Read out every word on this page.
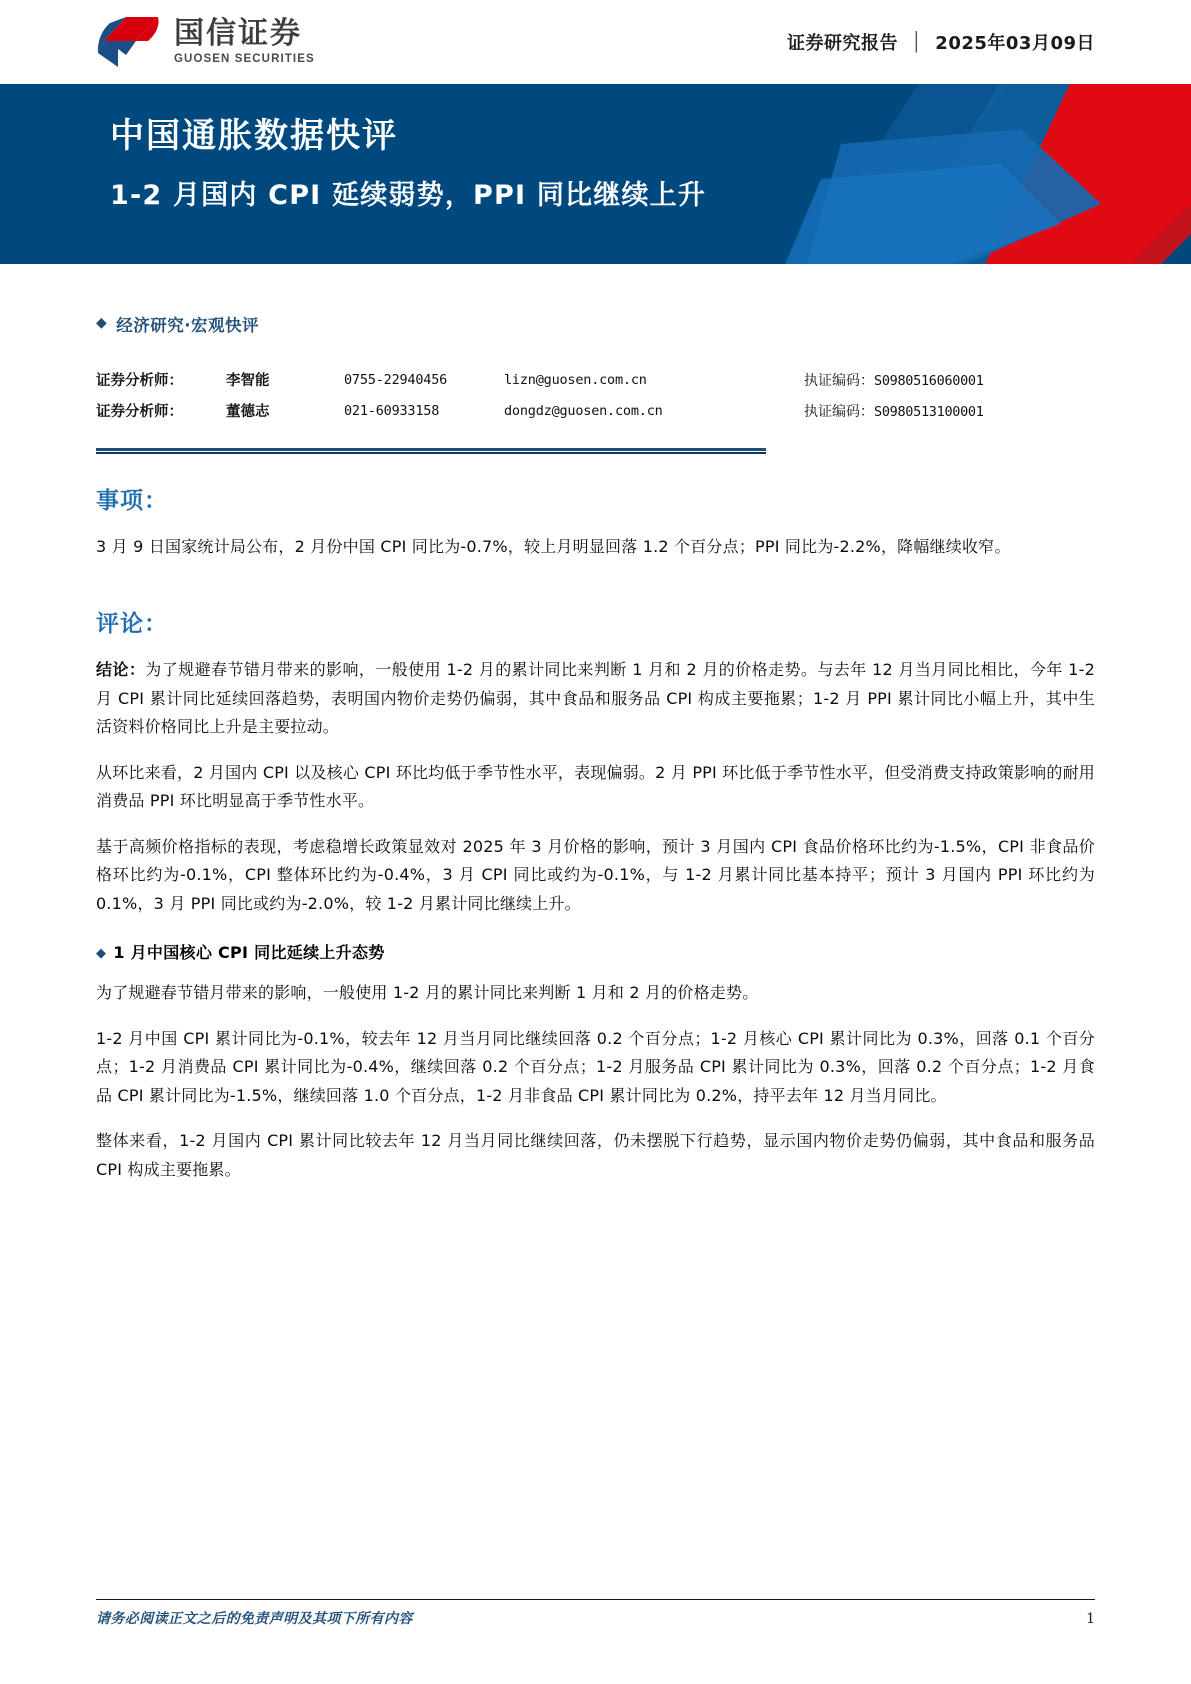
国信证券
GUOSEN SECURITIES
证券研究报告 │ 2025年03月09日
中国通胀数据快评
1-2 月国内 CPI 延续弱势，PPI 同比继续上升
◆ 经济研究·宏观快评
证券分析师：	李智能	0755-22940456	lizn@guosen.com.cn	执证编码：S0980516060001
证券分析师：	董德志	021-60933158	dongdz@guosen.com.cn	执证编码：S0980513100001
事项：

3 月 9 日国家统计局公布，2 月份中国 CPI 同比为-0.7%，较上月明显回落 1.2 个百分点；PPI 同比为-2.2%，降幅继续收窄。

评论：

结论：为了规避春节错月带来的影响，一般使用 1-2 月的累计同比来判断 1 月和 2 月的价格走势。与去年 12 月当月同比相比，今年 1-2 月 CPI 累计同比延续回落趋势，表明国内物价走势仍偏弱，其中食品和服务品 CPI 构成主要拖累；1-2 月 PPI 累计同比小幅上升，其中生活资料价格同比上升是主要拉动。

从环比来看，2 月国内 CPI 以及核心 CPI 环比均低于季节性水平，表现偏弱。2 月 PPI 环比低于季节性水平，但受消费支持政策影响的耐用消费品 PPI 环比明显高于季节性水平。

基于高频价格指标的表现，考虑稳增长政策显效对 2025 年 3 月价格的影响，预计 3 月国内 CPI 食品价格环比约为-1.5%，CPI 非食品价格环比约为-0.1%，CPI 整体环比约为-0.4%，3 月 CPI 同比或约为-0.1%，与 1-2 月累计同比基本持平；预计 3 月国内 PPI 环比约为 0.1%，3 月 PPI 同比或约为-2.0%，较 1-2 月累计同比继续上升。

◆ 1 月中国核心 CPI 同比延续上升态势

为了规避春节错月带来的影响，一般使用 1-2 月的累计同比来判断 1 月和 2 月的价格走势。

1-2 月中国 CPI 累计同比为-0.1%，较去年 12 月当月同比继续回落 0.2 个百分点；1-2 月核心 CPI 累计同比为 0.3%，回落 0.1 个百分点；1-2 月消费品 CPI 累计同比为-0.4%，继续回落 0.2 个百分点；1-2 月服务品 CPI 累计同比为 0.3%，回落 0.2 个百分点；1-2 月食品 CPI 累计同比为-1.5%，继续回落 1.0 个百分点，1-2 月非食品 CPI 累计同比为 0.2%，持平去年 12 月当月同比。

整体来看，1-2 月国内 CPI 累计同比较去年 12 月当月同比继续回落，仍未摆脱下行趋势，显示国内物价走势仍偏弱，其中食品和服务品 CPI 构成主要拖累。

请务必阅读正文之后的免责声明及其项下所有内容	1
